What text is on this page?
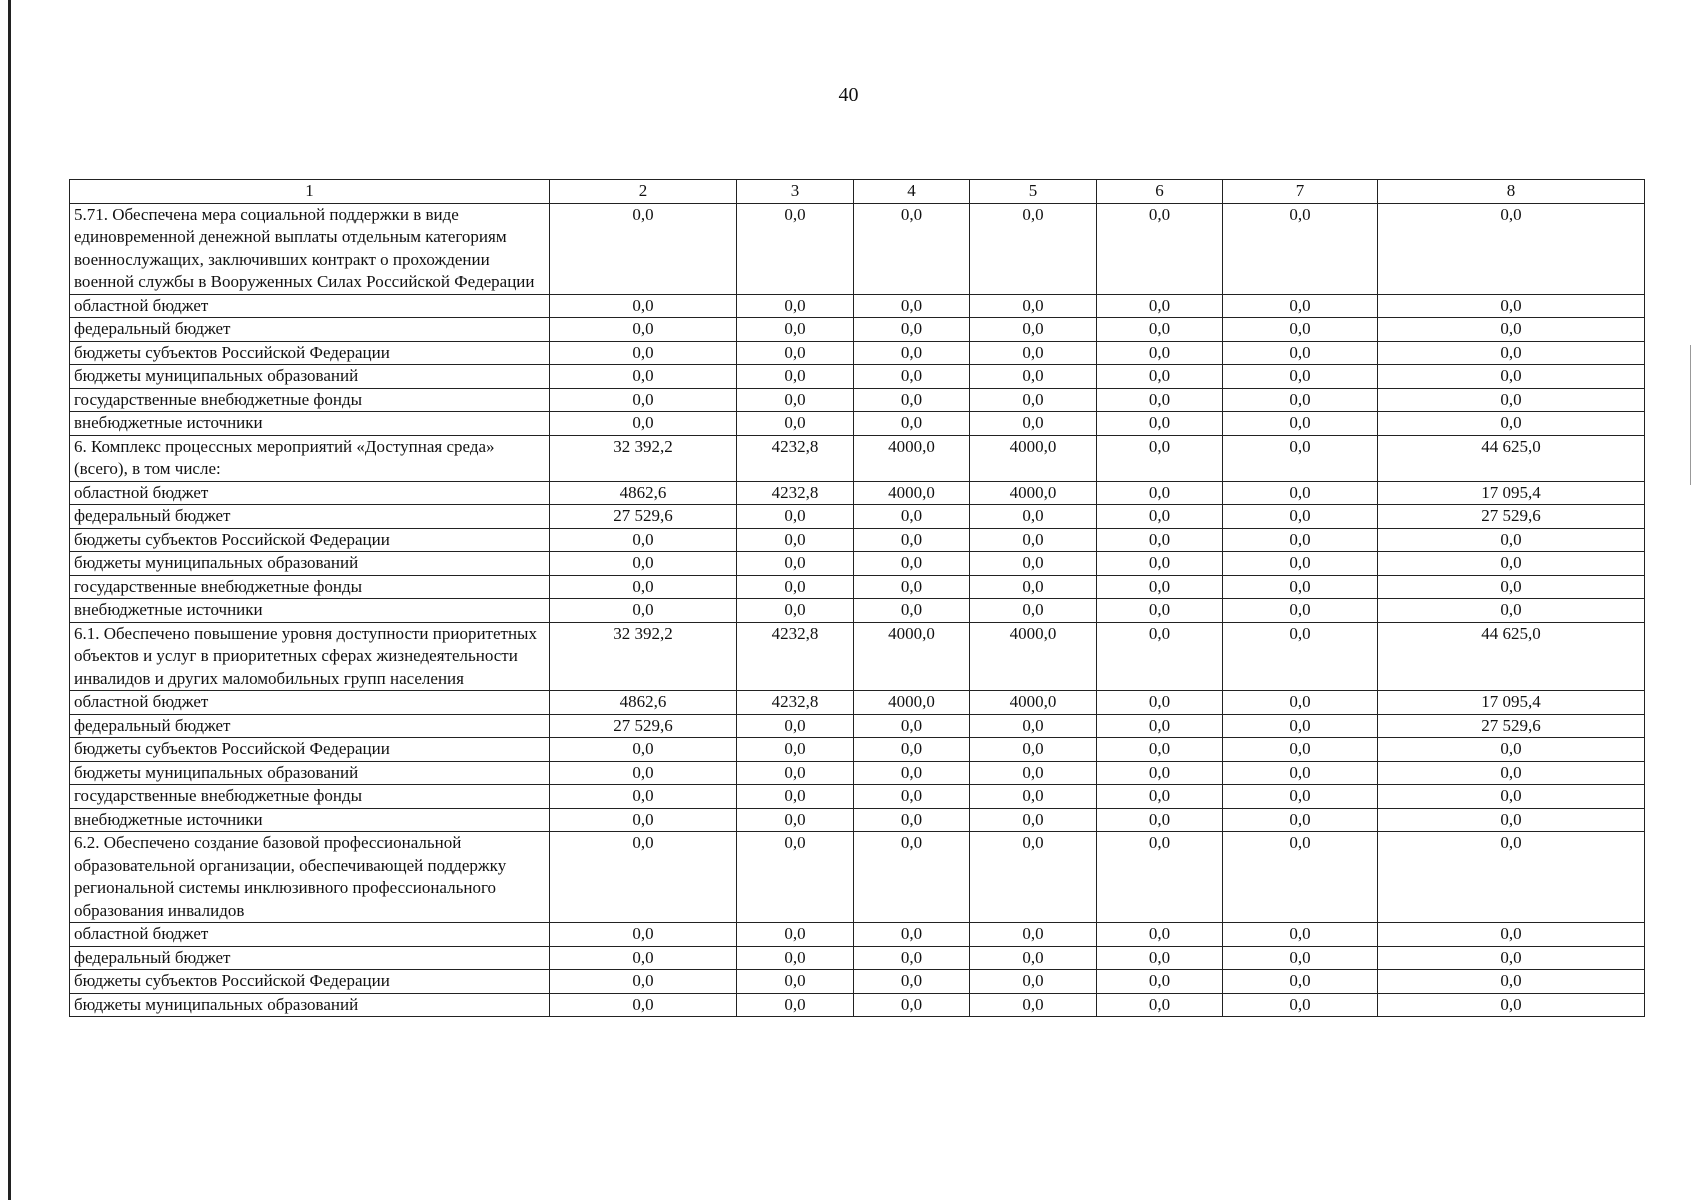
40
1	2	3	4	5	6	7	8
5.71. Обеспечена мера социальной поддержки в виде единовременной денежной выплаты отдельным категориям военнослужащих, заключивших контракт о прохождении военной службы в Вооруженных Силах Российской Федерации	0,0	0,0	0,0	0,0	0,0	0,0	0,0
областной бюджет	0,0	0,0	0,0	0,0	0,0	0,0	0,0
федеральный бюджет	0,0	0,0	0,0	0,0	0,0	0,0	0,0
бюджеты субъектов Российской Федерации	0,0	0,0	0,0	0,0	0,0	0,0	0,0
бюджеты муниципальных образований	0,0	0,0	0,0	0,0	0,0	0,0	0,0
государственные внебюджетные фонды	0,0	0,0	0,0	0,0	0,0	0,0	0,0
внебюджетные источники	0,0	0,0	0,0	0,0	0,0	0,0	0,0
6. Комплекс процессных мероприятий «Доступная среда» (всего), в том числе:	32 392,2	4232,8	4000,0	4000,0	0,0	0,0	44 625,0
областной бюджет	4862,6	4232,8	4000,0	4000,0	0,0	0,0	17 095,4
федеральный бюджет	27 529,6	0,0	0,0	0,0	0,0	0,0	27 529,6
бюджеты субъектов Российской Федерации	0,0	0,0	0,0	0,0	0,0	0,0	0,0
бюджеты муниципальных образований	0,0	0,0	0,0	0,0	0,0	0,0	0,0
государственные внебюджетные фонды	0,0	0,0	0,0	0,0	0,0	0,0	0,0
внебюджетные источники	0,0	0,0	0,0	0,0	0,0	0,0	0,0
6.1. Обеспечено повышение уровня доступности приоритетных объектов и услуг в приоритетных сферах жизнедеятельности инвалидов и других маломобильных групп населения	32 392,2	4232,8	4000,0	4000,0	0,0	0,0	44 625,0
областной бюджет	4862,6	4232,8	4000,0	4000,0	0,0	0,0	17 095,4
федеральный бюджет	27 529,6	0,0	0,0	0,0	0,0	0,0	27 529,6
бюджеты субъектов Российской Федерации	0,0	0,0	0,0	0,0	0,0	0,0	0,0
бюджеты муниципальных образований	0,0	0,0	0,0	0,0	0,0	0,0	0,0
государственные внебюджетные фонды	0,0	0,0	0,0	0,0	0,0	0,0	0,0
внебюджетные источники	0,0	0,0	0,0	0,0	0,0	0,0	0,0
6.2. Обеспечено создание базовой профессиональной образовательной организации, обеспечивающей поддержку региональной системы инклюзивного профессионального образования инвалидов	0,0	0,0	0,0	0,0	0,0	0,0	0,0
областной бюджет	0,0	0,0	0,0	0,0	0,0	0,0	0,0
федеральный бюджет	0,0	0,0	0,0	0,0	0,0	0,0	0,0
бюджеты субъектов Российской Федерации	0,0	0,0	0,0	0,0	0,0	0,0	0,0
бюджеты муниципальных образований	0,0	0,0	0,0	0,0	0,0	0,0	0,0
